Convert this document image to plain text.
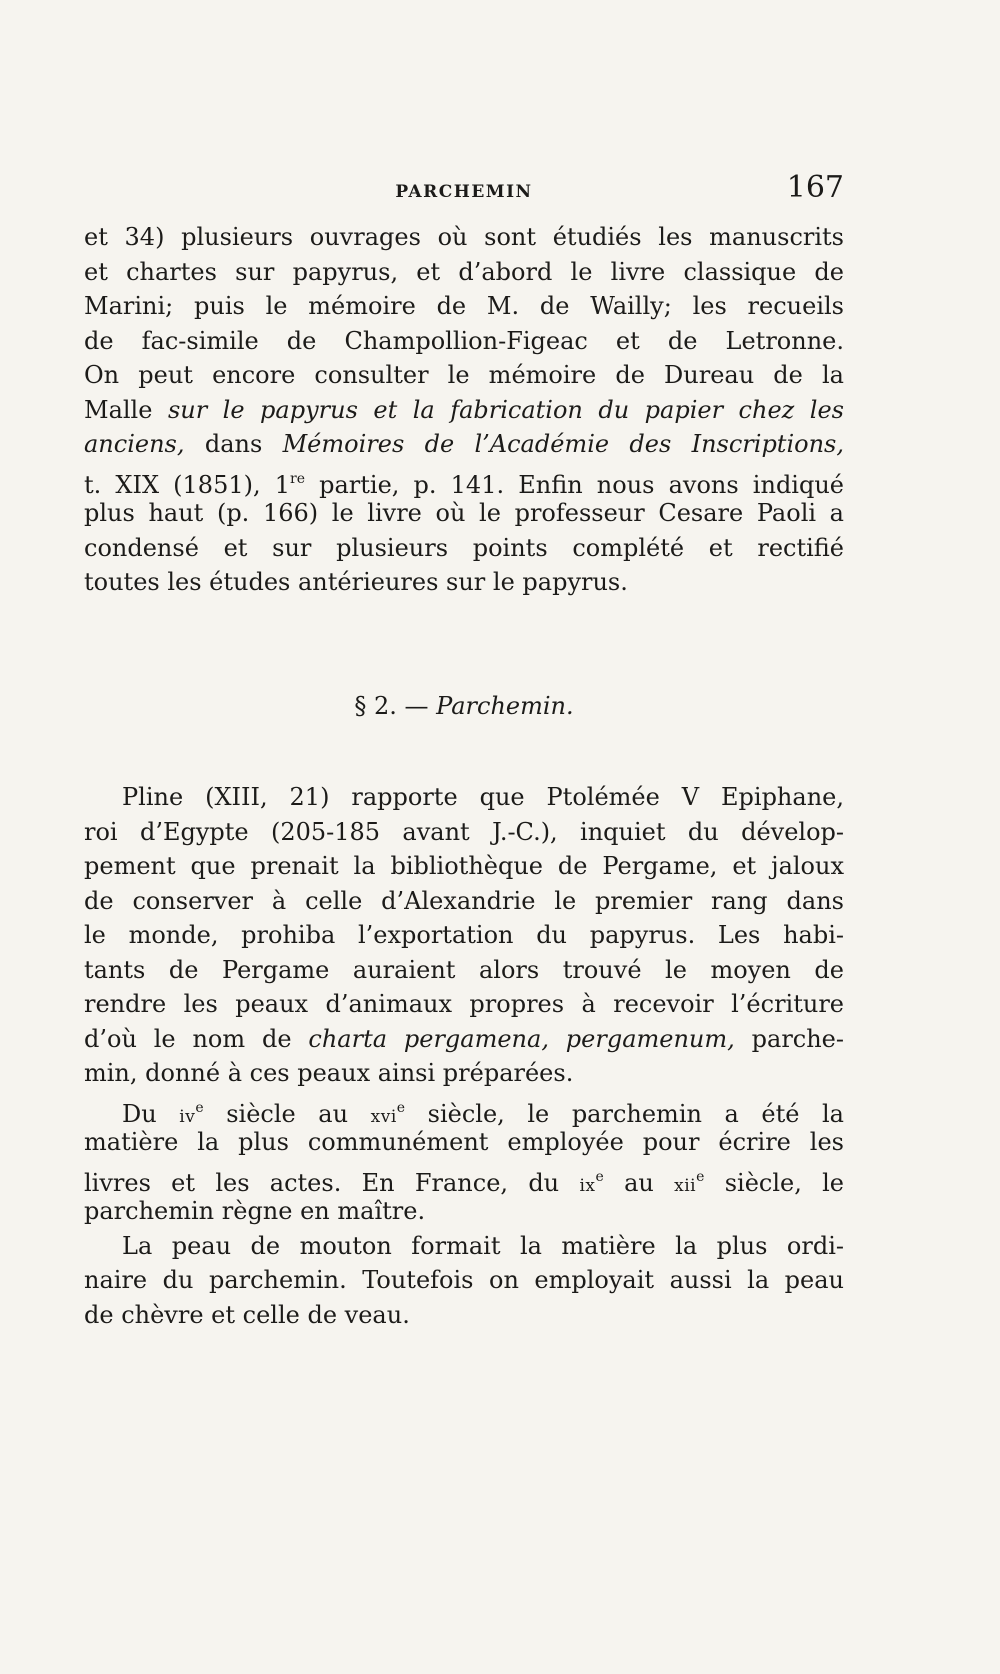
PARCHEMIN	167
et 34) plusieurs ouvrages où sont étudiés les manuscrits
et chartes sur papyrus, et d’abord le livre classique de
Marini; puis le mémoire de M. de Wailly; les recueils
de fac-simile de Champollion-Figeac et de Letronne.
On peut encore consulter le mémoire de Dureau de la
Malle sur le papyrus et la fabrication du papier chez les
anciens, dans Mémoires de l’Académie des Inscriptions,
t. XIX (1851), 1re partie, p. 141. Enfin nous avons indiqué
plus haut (p. 166) le livre où le professeur Cesare Paoli a
condensé et sur plusieurs points complété et rectifié
toutes les études antérieures sur le papyrus.
§ 2. — Parchemin.
Pline (XIII, 21) rapporte que Ptolémée V Epiphane,
roi d’Egypte (205-185 avant J.-C.), inquiet du dévelop-
pement que prenait la bibliothèque de Pergame, et jaloux
de conserver à celle d’Alexandrie le premier rang dans
le monde, prohiba l’exportation du papyrus. Les habi-
tants de Pergame auraient alors trouvé le moyen de
rendre les peaux d’animaux propres à recevoir l’écriture
d’où le nom de charta pergamena, pergamenum, parche-
min, donné à ces peaux ainsi préparées.
Du $iv^e$ siècle au xvi$^e$ siècle, le parchemin a été la
matière la plus communément employée pour écrire les
livres et les actes. En France, du $ix^e$ au xii$^e$ siècle, le
parchemin règne en maître.
La peau de mouton formait la matière la plus ordi-
naire du parchemin. Toutefois on employait aussi la peau
de chèvre et celle de veau.
